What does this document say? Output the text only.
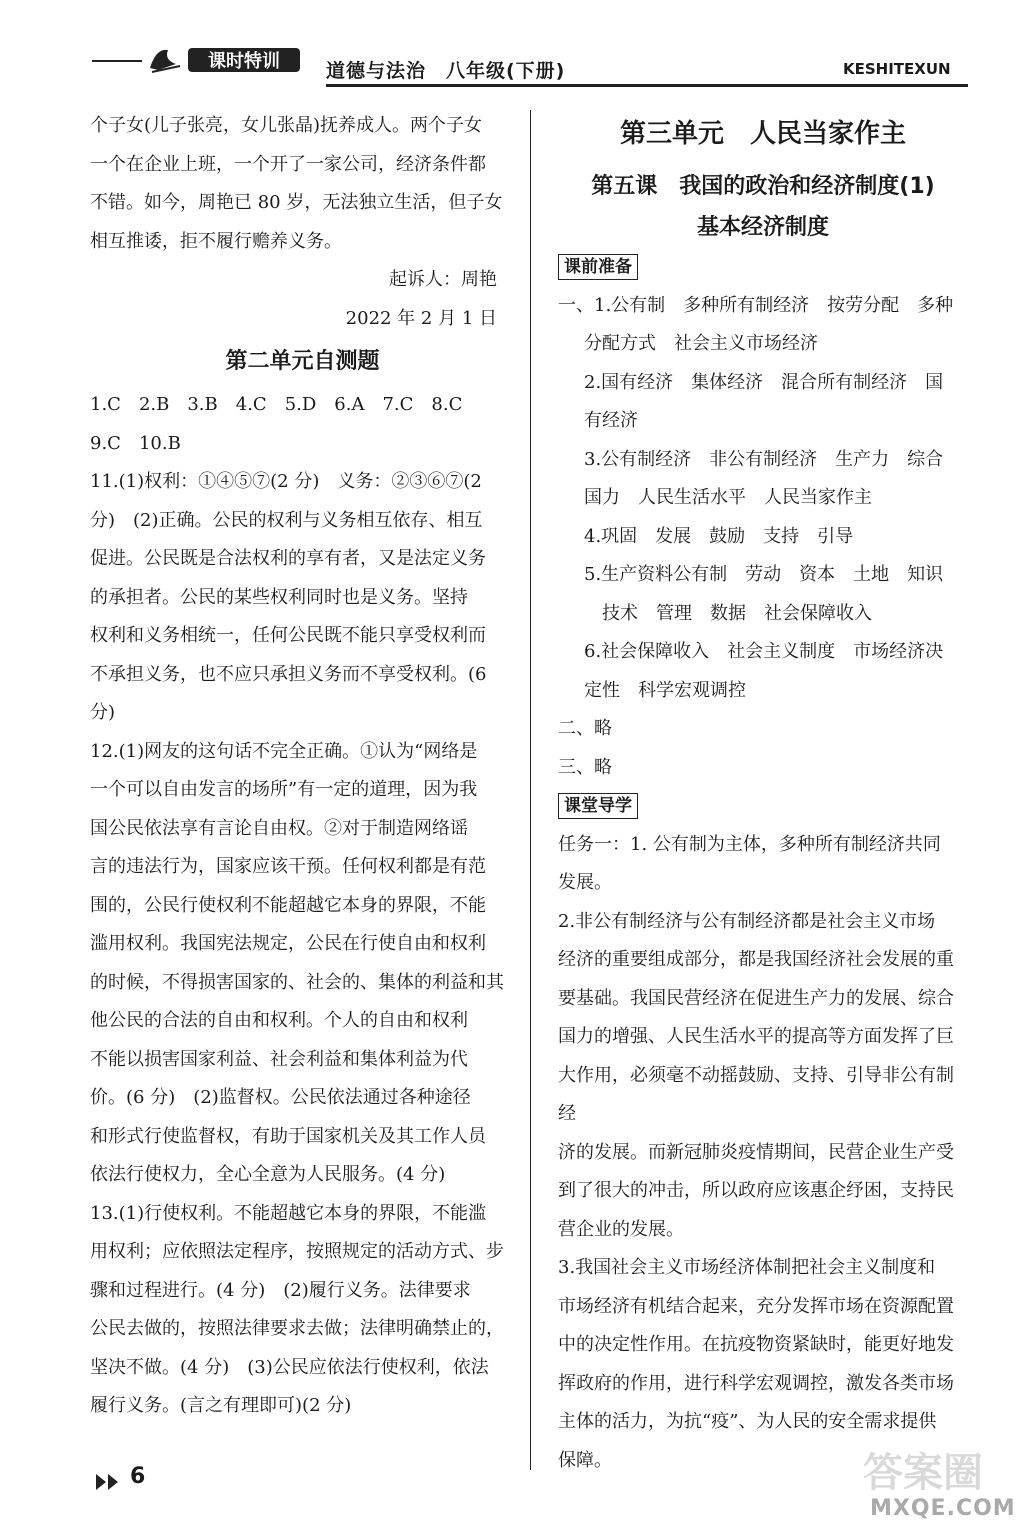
课时特训 道德与法治　八年级(下册)	KESHITEXUN

个子女(儿子张亮，女儿张晶)抚养成人。两个子女

一个在企业上班，一个开了一家公司，经济条件都

不错。如今，周艳已 80 岁，无法独立生活，但子女

相互推诿，拒不履行赡养义务。

起诉人：周艳

2022 年 2 月 1 日

第二单元自测题

1.C　2.B　3.B　4.C　5.D　6.A　7.C　8.C

9.C　10.B

11.(1)权利：①④⑤⑦(2 分)　义务：②③⑥⑦(2

分)　(2)正确。公民的权利与义务相互依存、相互

促进。公民既是合法权利的享有者，又是法定义务

的承担者。公民的某些权利同时也是义务。坚持

权利和义务相统一，任何公民既不能只享受权利而

不承担义务，也不应只承担义务而不享受权利。(6

分)

12.(1)网友的这句话不完全正确。①认为“网络是

一个可以自由发言的场所”有一定的道理，因为我

国公民依法享有言论自由权。②对于制造网络谣

言的违法行为，国家应该干预。任何权利都是有范

围的，公民行使权利不能超越它本身的界限，不能

滥用权利。我国宪法规定，公民在行使自由和权利

的时候，不得损害国家的、社会的、集体的利益和其

他公民的合法的自由和权利。个人的自由和权利

不能以损害国家利益、社会利益和集体利益为代

价。(6 分)　(2)监督权。公民依法通过各种途径

和形式行使监督权，有助于国家机关及其工作人员

依法行使权力，全心全意为人民服务。(4 分)

13.(1)行使权利。不能超越它本身的界限，不能滥

用权利；应依照法定程序，按照规定的活动方式、步

骤和过程进行。(4 分)　(2)履行义务。法律要求

公民去做的，按照法律要求去做；法律明确禁止的，

坚决不做。(4 分)　(3)公民应依法行使权利，依法

履行义务。(言之有理即可)(2 分)

第三单元　人民当家作主

第五课　我国的政治和经济制度(1)

基本经济制度

课前准备

一、1.公有制　多种所有制经济　按劳分配　多种

分配方式　社会主义市场经济

2.国有经济　集体经济　混合所有制经济　国

有经济

3.公有制经济　非公有制经济　生产力　综合

国力　人民生活水平　人民当家作主

4.巩固　发展　鼓励　支持　引导

5.生产资料公有制　劳动　资本　土地　知识

技术　管理　数据　社会保障收入

6.社会保障收入　社会主义制度　市场经济决

定性　科学宏观调控

二、略

三、略

课堂导学

任务一：1. 公有制为主体，多种所有制经济共同

发展。

2.非公有制经济与公有制经济都是社会主义市场

经济的重要组成部分，都是我国经济社会发展的重

要基础。我国民营经济在促进生产力的发展、综合

国力的增强、人民生活水平的提高等方面发挥了巨

大作用，必须毫不动摇鼓励、支持、引导非公有制经

济的发展。而新冠肺炎疫情期间，民营企业生产受

到了很大的冲击，所以政府应该惠企纾困，支持民

营企业的发展。

3.我国社会主义市场经济体制把社会主义制度和

市场经济有机结合起来，充分发挥市场在资源配置

中的决定性作用。在抗疫物资紧缺时，能更好地发

挥政府的作用，进行科学宏观调控，激发各类市场

主体的活力，为抗“疫”、为人民的安全需求提供

保障。

6	答案圈
MXQE.COM
